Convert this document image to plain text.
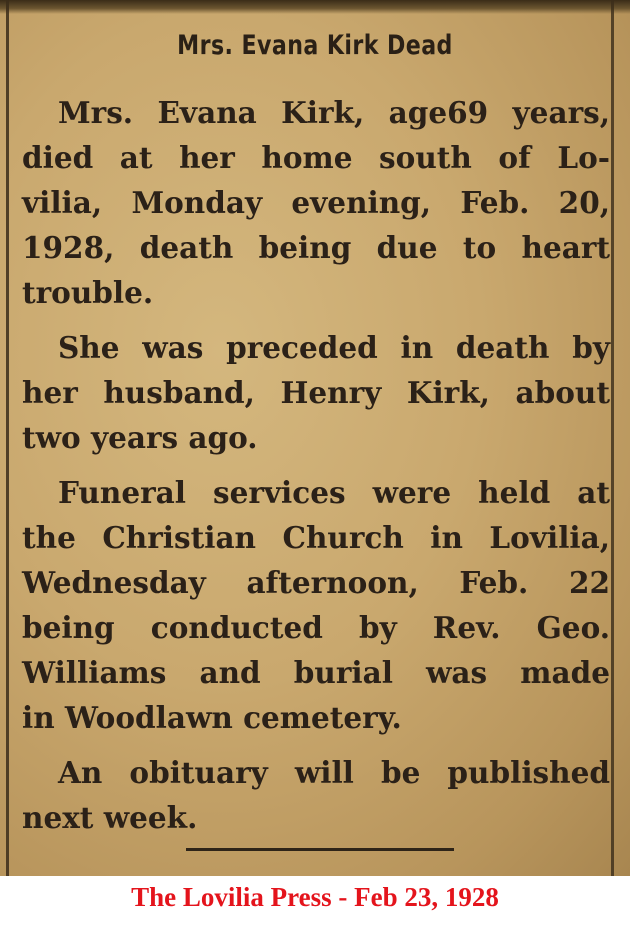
Mrs. Evana Kirk Dead
Mrs. Evana Kirk, age69 years,
died at her home south of Lo-
vilia, Monday evening, Feb. 20,
1928, death being due to heart
trouble.
She was preceded in death by
her husband, Henry Kirk, about
two years ago.
Funeral services were held at
the Christian Church in Lovilia,
Wednesday afternoon, Feb. 22
being conducted by Rev. Geo.
Williams and burial was made
in Woodlawn cemetery.
An obituary will be published
next week.
The Lovilia Press - Feb 23, 1928
